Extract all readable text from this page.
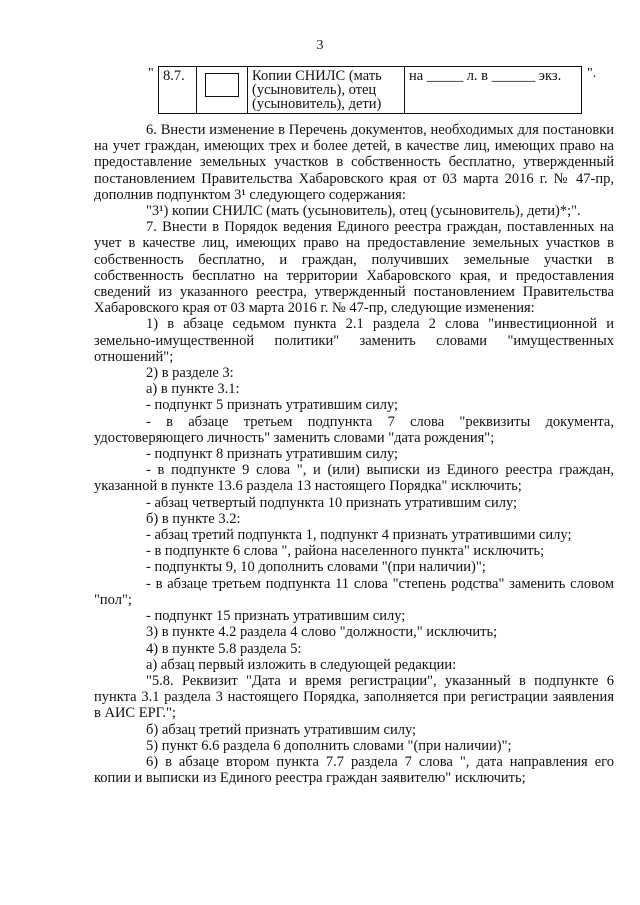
3
" 8.7.		Копии СНИЛС (мать (усыновитель), отец (усыновитель), дети)	на _____ л. в ______ экз. ".

6. Внести изменение в Перечень документов, необходимых для постановки на учет граждан, имеющих трех и более детей, в качестве лиц, имеющих право на предоставление земельных участков в собственность бесплатно, утвержденный постановлением Правительства Хабаровского края от 03 марта 2016 г. № 47-пр, дополнив подпунктом 3¹ следующего содержания:

"3¹) копии СНИЛС (мать (усыновитель), отец (усыновитель), дети)*;".

7. Внести в Порядок ведения Единого реестра граждан, поставленных на учет в качестве лиц, имеющих право на предоставление земельных участков в собственность бесплатно, и граждан, получивших земельные участки в собственность бесплатно на территории Хабаровского края, и предоставления сведений из указанного реестра, утвержденный постановлением Правительства Хабаровского края от 03 марта 2016 г. № 47-пр, следующие изменения:

1) в абзаце седьмом пункта 2.1 раздела 2 слова "инвестиционной и земельно-имущественной политики" заменить словами "имущественных отношений";

2) в разделе 3:

а) в пункте 3.1:

- подпункт 5 признать утратившим силу;

- в абзаце третьем подпункта 7 слова "реквизиты документа, удостоверяющего личность" заменить словами "дата рождения";

- подпункт 8 признать утратившим силу;

- в подпункте 9 слова ", и (или) выписки из Единого реестра граждан, указанной в пункте 13.6 раздела 13 настоящего Порядка" исключить;

- абзац четвертый подпункта 10 признать утратившим силу;

б) в пункте 3.2:

- абзац третий подпункта 1, подпункт 4 признать утратившими силу;

- в подпункте 6 слова ", района населенного пункта" исключить;

- подпункты 9, 10 дополнить словами "(при наличии)";

- в абзаце третьем подпункта 11 слова "степень родства" заменить словом "пол";

- подпункт 15 признать утратившим силу;

3) в пункте 4.2 раздела 4 слово "должности," исключить;

4) в пункте 5.8 раздела 5:

а) абзац первый изложить в следующей редакции:

"5.8. Реквизит "Дата и время регистрации", указанный в подпункте 6 пункта 3.1 раздела 3 настоящего Порядка, заполняется при регистрации заявления в АИС ЕРГ.";

б) абзац третий признать утратившим силу;

5) пункт 6.6 раздела 6 дополнить словами "(при наличии)";

6) в абзаце втором пункта 7.7 раздела 7 слова ", дата направления его копии и выписки из Единого реестра граждан заявителю" исключить;
